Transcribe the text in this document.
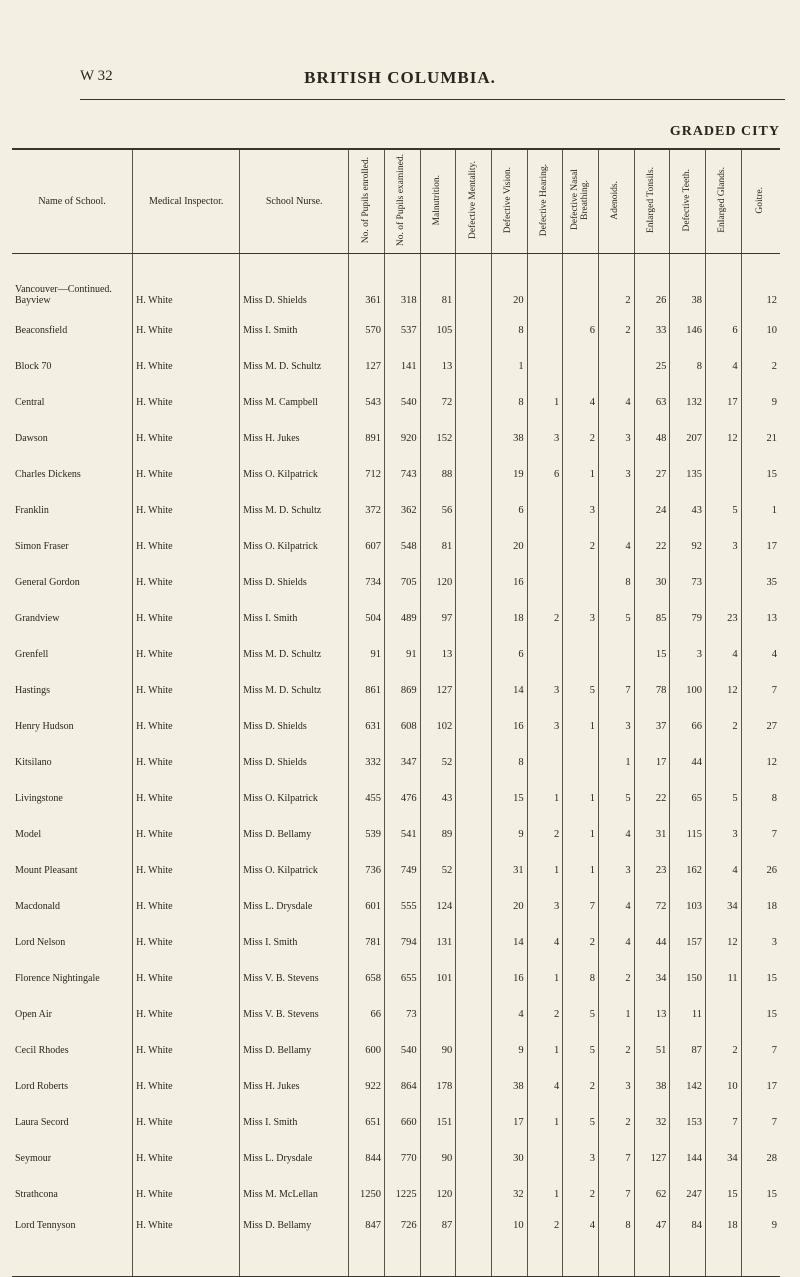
W 32	BRITISH COLUMBIA.
GRADED CITY
Name of School.	Medical Inspector.	School Nurse.	No. of Pupils enrolled.	No. of Pupils examined.	Malnutrition.	Defective Mentality.	Defective Vision.	Defective Hearing.	Defective Nasal Breathing.	Adenoids.	Enlarged Tonsils.	Defective Teeth.	Enlarged Glands.	Goitre.

Vancouver—Continued.
Bayview	H. White	Miss D. Shields	361	318	81		20			2	26	38		12
Beaconsfield	H. White	Miss I. Smith	570	537	105		8		6	2	33	146	6	10
Block 70	H. White	Miss M. D. Schultz	127	141	13		1				25	8	4	2
Central	H. White	Miss M. Campbell	543	540	72		8	1	4	4	63	132	17	9
Dawson	H. White	Miss H. Jukes	891	920	152		38	3	2	3	48	207	12	21
Charles Dickens	H. White	Miss O. Kilpatrick	712	743	88		19	6	1	3	27	135		15
Franklin	H. White	Miss M. D. Schultz	372	362	56		6		3		24	43	5	1
Simon Fraser	H. White	Miss O. Kilpatrick	607	548	81		20		2	4	22	92	3	17
General Gordon	H. White	Miss D. Shields	734	705	120		16			8	30	73		35
Grandview	H. White	Miss I. Smith	504	489	97		18	2	3	5	85	79	23	13
Grenfell	H. White	Miss M. D. Schultz	91	91	13		6				15	3	4	4
Hastings	H. White	Miss M. D. Schultz	861	869	127		14	3	5	7	78	100	12	7
Henry Hudson	H. White	Miss D. Shields	631	608	102		16	3	1	3	37	66	2	27
Kitsilano	H. White	Miss D. Shields	332	347	52		8			1	17	44		12
Livingstone	H. White	Miss O. Kilpatrick	455	476	43		15	1	1	5	22	65	5	8
Model	H. White	Miss D. Bellamy	539	541	89		9	2	1	4	31	115	3	7
Mount Pleasant	H. White	Miss O. Kilpatrick	736	749	52		31	1	1	3	23	162	4	26
Macdonald	H. White	Miss L. Drysdale	601	555	124		20	3	7	4	72	103	34	18
Lord Nelson	H. White	Miss I. Smith	781	794	131		14	4	2	4	44	157	12	3
Florence Nightingale	H. White	Miss V. B. Stevens	658	655	101		16	1	8	2	34	150	11	15
Open Air	H. White	Miss V. B. Stevens	66	73			4	2	5	1	13	11		15
Cecil Rhodes	H. White	Miss D. Bellamy	600	540	90		9	1	5	2	51	87	2	7
Lord Roberts	H. White	Miss H. Jukes	922	864	178		38	4	2	3	38	142	10	17
Laura Secord	H. White	Miss I. Smith	651	660	151		17	1	5	2	32	153	7	7
Seymour	H. White	Miss L. Drysdale	844	770	90		30		3	7	127	144	34	28
Strathcona	H. White	Miss M. McLellan	1250	1225	120		32	1	2	7	62	247	15	15
Lord Tennyson	H. White	Miss D. Bellamy	847	726	87		10	2	4	8	47	84	18	9
